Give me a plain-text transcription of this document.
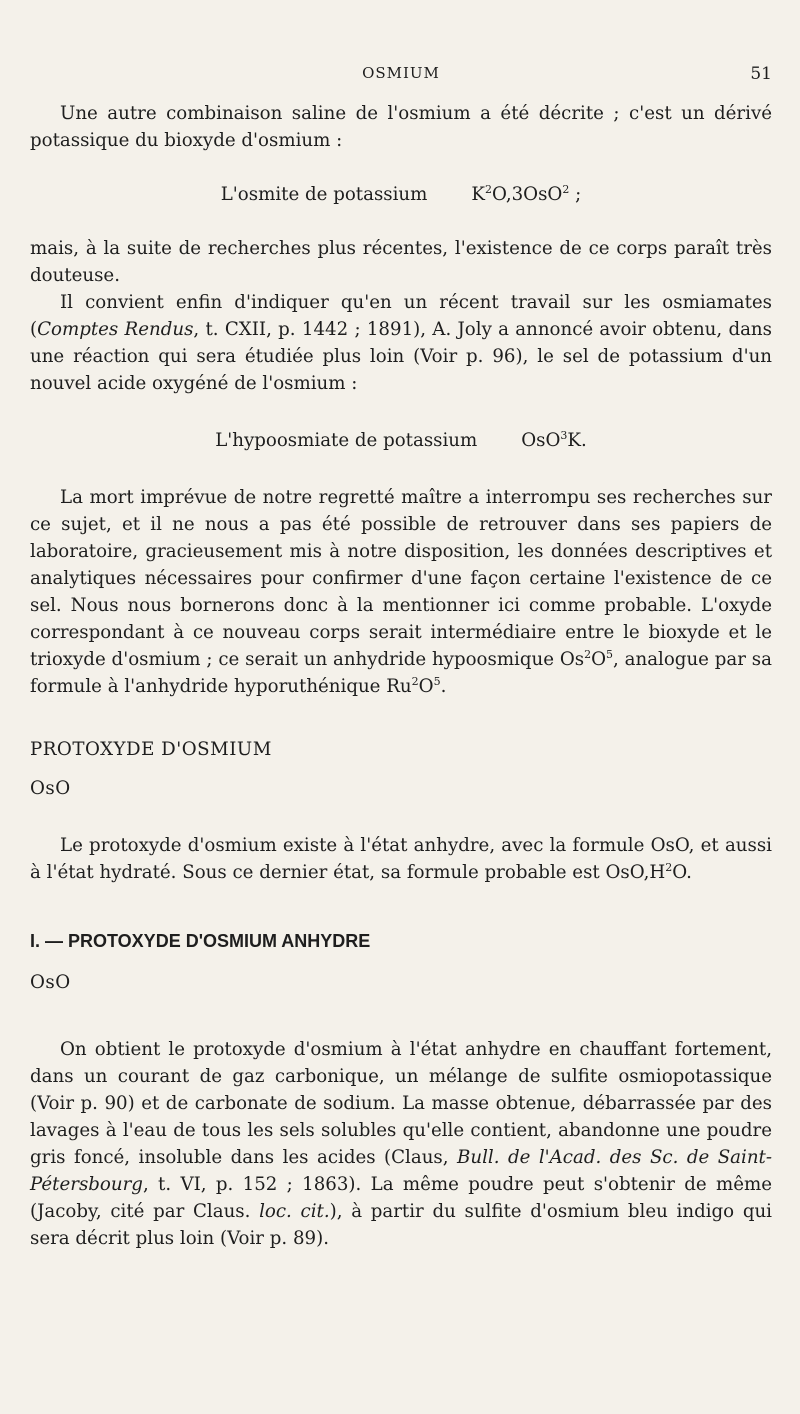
OSMIUM	51

Une autre combinaison saline de l'osmium a été décrite ; c'est un dérivé potassique du bioxyde d'osmium :

L'osmite de potassium $K^2O,3OsO^2$ ;

mais, à la suite de recherches plus récentes, l'existence de ce corps paraît très douteuse.

Il convient enfin d'indiquer qu'en un récent travail sur les osmiamates (Comptes Rendus, t. CXII, p. 1442 ; 1891), A. Joly a annoncé avoir obtenu, dans une réaction qui sera étudiée plus loin (Voir p. 96), le sel de potassium d'un nouvel acide oxygéné de l'osmium :

L'hypoosmiate de potassium OsO$^3$K.

La mort imprévue de notre regretté maître a interrompu ses recherches sur ce sujet, et il ne nous a pas été possible de retrouver dans ses papiers de laboratoire, gracieusement mis à notre disposition, les données descriptives et analytiques nécessaires pour confirmer d'une façon certaine l'existence de ce sel. Nous nous bornerons donc à la mentionner ici comme probable. L'oxyde correspondant à ce nouveau corps serait intermédiaire entre le bioxyde et le trioxyde d'osmium ; ce serait un anhydride hypoosmique $Os^2O^5$, analogue par sa formule à l'anhydride hyporuthénique $Ru^2O^5$.

PROTOXYDE D'OSMIUM

OsO

Le protoxyde d'osmium existe à l'état anhydre, avec la formule OsO, et aussi à l'état hydraté. Sous ce dernier état, sa formule probable est $OsO,H^2O$.

I. — PROTOXYDE D'OSMIUM ANHYDRE

OsO

On obtient le protoxyde d'osmium à l'état anhydre en chauffant fortement, dans un courant de gaz carbonique, un mélange de sulfite osmiopotassique (Voir p. 90) et de carbonate de sodium. La masse obtenue, débarrassée par des lavages à l'eau de tous les sels solubles qu'elle contient, abandonne une poudre gris foncé, insoluble dans les acides (Claus, Bull. de l'Acad. des Sc. de Saint-Pétersbourg, t. VI, p. 152 ; 1863). La même poudre peut s'obtenir de même (Jacoby, cité par Claus. loc. cit.), à partir du sulfite d'osmium bleu indigo qui sera décrit plus loin (Voir p. 89).
